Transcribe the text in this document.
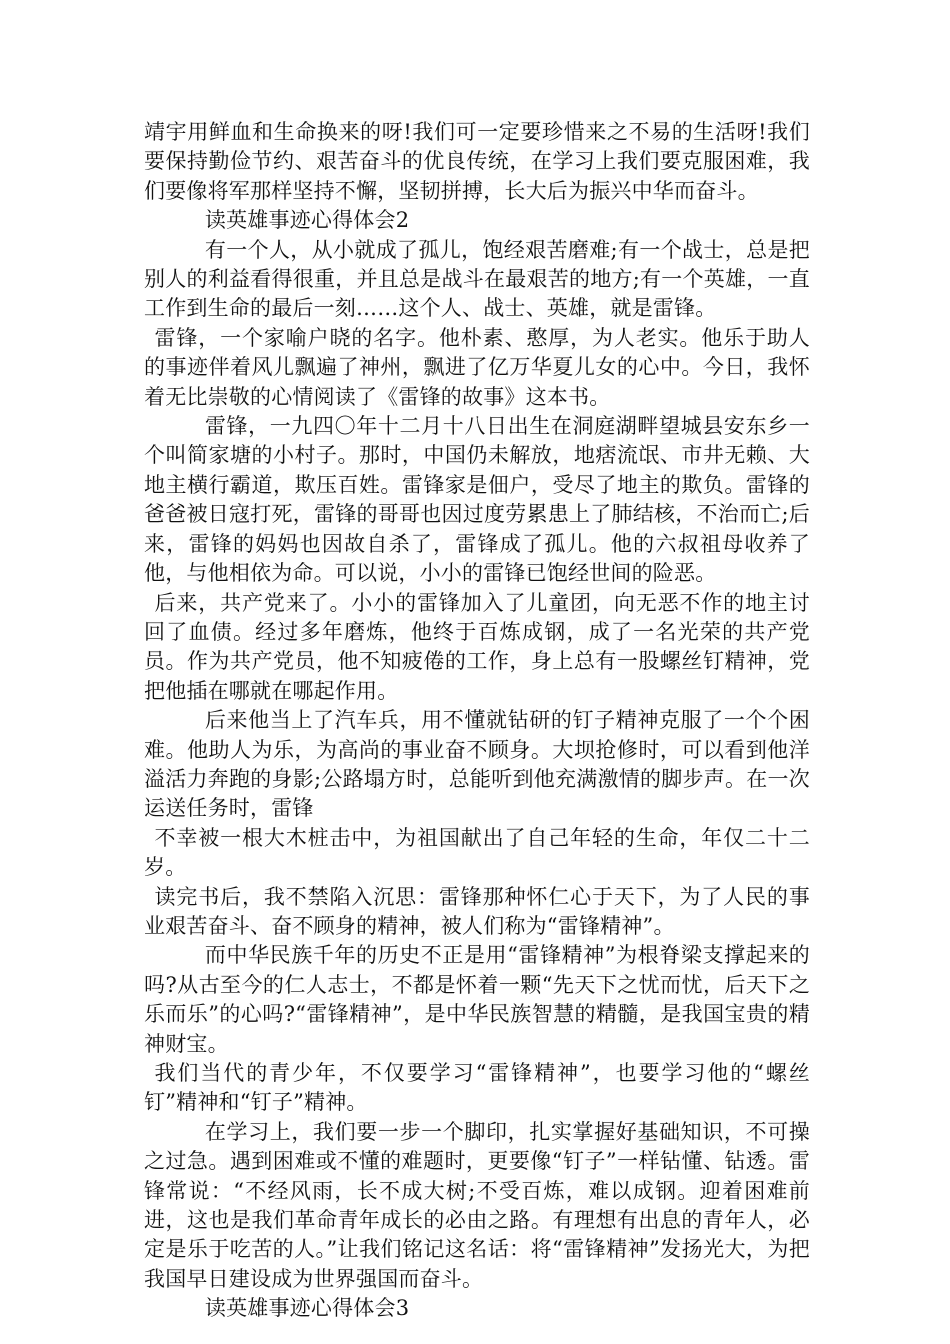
靖宇用鲜血和生命换来的呀!我们可一定要珍惜来之不易的生活呀!我们要保持勤俭节约、艰苦奋斗的优良传统，在学习上我们要克服困难，我们要像将军那样坚持不懈，坚韧拼搏，长大后为振兴中华而奋斗。

读英雄事迹心得体会2

有一个人，从小就成了孤儿，饱经艰苦磨难;有一个战士，总是把别人的利益看得很重，并且总是战斗在最艰苦的地方;有一个英雄，一直工作到生命的最后一刻……这个人、战士、英雄，就是雷锋。

雷锋，一个家喻户晓的名字。他朴素、憨厚，为人老实。他乐于助人的事迹伴着风儿飘遍了神州，飘进了亿万华夏儿女的心中。今日，我怀着无比崇敬的心情阅读了《雷锋的故事》这本书。

雷锋，一九四〇年十二月十八日出生在洞庭湖畔望城县安东乡一个叫简家塘的小村子。那时，中国仍未解放，地痞流氓、市井无赖、大地主横行霸道，欺压百姓。雷锋家是佃户，受尽了地主的欺负。雷锋的爸爸被日寇打死，雷锋的哥哥也因过度劳累患上了肺结核，不治而亡;后来，雷锋的妈妈也因故自杀了，雷锋成了孤儿。他的六叔祖母收养了他，与他相依为命。可以说，小小的雷锋已饱经世间的险恶。

后来，共产党来了。小小的雷锋加入了儿童团，向无恶不作的地主讨回了血债。经过多年磨炼，他终于百炼成钢，成了一名光荣的共产党员。作为共产党员，他不知疲倦的工作，身上总有一股螺丝钉精神，党把他插在哪就在哪起作用。

后来他当上了汽车兵，用不懂就钻研的钉子精神克服了一个个困难。他助人为乐，为高尚的事业奋不顾身。大坝抢修时，可以看到他洋溢活力奔跑的身影;公路塌方时，总能听到他充满激情的脚步声。在一次运送任务时，雷锋

不幸被一根大木桩击中，为祖国献出了自己年轻的生命，年仅二十二岁。

读完书后，我不禁陷入沉思：雷锋那种怀仁心于天下，为了人民的事业艰苦奋斗、奋不顾身的精神，被人们称为“雷锋精神”。

而中华民族千年的历史不正是用“雷锋精神”为根脊梁支撑起来的吗?从古至今的仁人志士，不都是怀着一颗“先天下之忧而忧，后天下之乐而乐”的心吗?“雷锋精神”，是中华民族智慧的精髓，是我国宝贵的精神财宝。

我们当代的青少年，不仅要学习“雷锋精神”，也要学习他的“螺丝钉”精神和“钉子”精神。

在学习上，我们要一步一个脚印，扎实掌握好基础知识，不可操之过急。遇到困难或不懂的难题时，更要像“钉子”一样钻懂、钻透。雷锋常说：“不经风雨，长不成大树;不受百炼，难以成钢。迎着困难前进，这也是我们革命青年成长的必由之路。有理想有出息的青年人，必定是乐于吃苦的人。”让我们铭记这名话：将“雷锋精神”发扬光大，为把我国早日建设成为世界强国而奋斗。

读英雄事迹心得体会3
